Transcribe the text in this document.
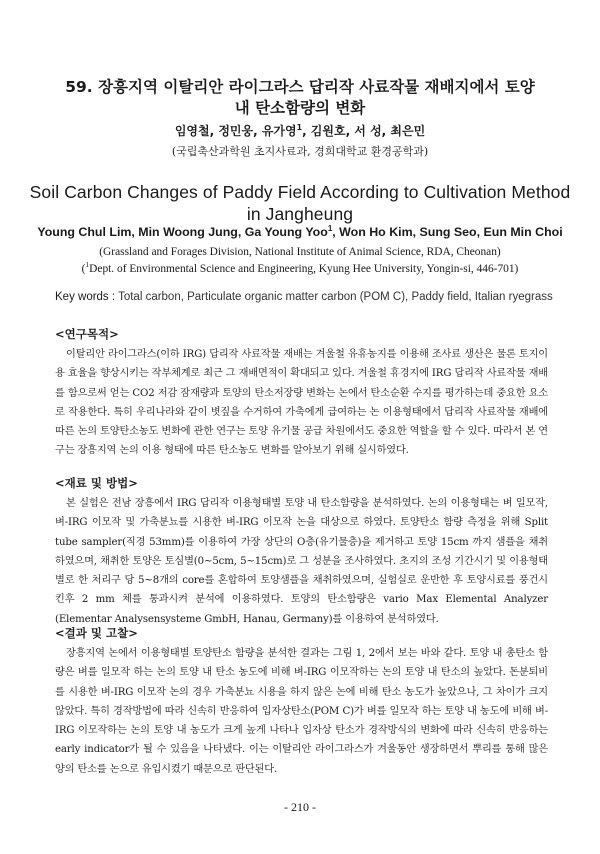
59. 장흥지역 이탈리안 라이그라스 답리작 사료작물 재배지에서 토양
내 탄소함량의 변화
임영철, 정민웅, 유가영$^1$, 김원호, 서 성, 최은민
(국립축산과학원 초지사료과, 경희대학교 환경공학과)
Soil Carbon Changes of Paddy Field According to Cultivation Method
in Jangheung
Young Chul Lim, Min Woong Jung, Ga Young Yoo$^1$, Won Ho Kim, Sung Seo, Eun Min Choi
(Grassland and Forages Division, National Institute of Animal Science, RDA, Cheonan)
($^1$Dept. of Environmental Science and Engineering, Kyung Hee University, Yongin-si, 446-701)
Key words : Total carbon, Particulate organic matter carbon (POM C), Paddy field, Italian ryegrass
<연구목적>
이탈리안 라이그라스(이하 IRG) 답리작 사료작물 재배는 겨울철 유휴농지를 이용해 조사료 생산은 물론 토지이용 효율을 향상시키는 작부체계로 최근 그 재배면적이 확대되고 있다. 겨울철 휴경지에 IRG 답리작 사료작물 재배를 함으로써 얻는 CO2 저감 잠재량과 토양의 탄소저장량 변화는 논에서 탄소순환 수지를 평가하는데 중요한 요소로 작용한다. 특히 우리나라와 같이 볏짚을 수거하여 가축에게 급여하는 논 이용형태에서 답리작 사료작물 재배에 따른 논의 토양탄소농도 변화에 관한 연구는 토양 유기물 공급 차원에서도 중요한 역할을 할 수 있다. 따라서 본 연구는 장흥지역 논의 이용 형태에 따른 탄소농도 변화를 알아보기 위해 실시하였다.
<재료 및 방법>
본 실험은 전남 장흥에서 IRG 답리작 이용형태별 토양 내 탄소함량을 분석하였다. 논의 이용형태는 벼 일모작, 벼-IRG 이모작 및 가축분뇨를 시용한 벼-IRG 이모작 논을 대상으로 하였다. 토양탄소 함량 측정을 위해 Split tube sampler(직경 53mm)를 이용하여 가장 상단의 O층(유기물층)을 제거하고 토양 15cm 까지 샘플을 채취하였으며, 채취한 토양은 토심별(0~5cm, 5~15cm)로 그 성분을 조사하였다. 초지의 조성 기간시기 및 이용형태별로 한 처리구 당 5~8개의 core를 혼합하여 토양샘플을 채취하였으며, 실험실로 운반한 후 토양시료를 풍건시킨후 2 mm 체를 통과시켜 분석에 이용하였다. 토양의 탄소함량은 vario Max Elemental Analyzer (Elementar Analysensysteme GmbH, Hanau, Germany)를 이용하여 분석하였다.
<결과 및 고찰>
장흥지역 논에서 이용형태별 토양탄소 함량을 분석한 결과는 그림 1, 2에서 보는 바와 같다. 토양 내 총탄소 함량은 벼를 일모작 하는 논의 토양 내 탄소 농도에 비해 벼-IRG 이모작하는 논의 토양 내 탄소의 높았다. 돈분퇴비를 시용한 벼-IRG 이모작 논의 경우 가축분뇨 시용을 하지 않은 논에 비해 탄소 농도가 높았으나, 그 차이가 크지 않았다. 특히 경작방법에 따라 신속히 반응하여 입자상탄소(POM C)가 벼를 일모작 하는 토양 내 농도에 비해 벼-IRG 이모작하는 논의 토양 내 농도가 크게 높게 나타나 입자상 탄소가 경작방식의 변화에 따라 신속히 반응하는 early indicator가 될 수 있음을 나타냈다. 이는 이탈리안 라이그라스가 겨울동안 생장하면서 뿌리를 통해 많은 양의 탄소를 논으로 유입시켰기 때문으로 판단된다.
- 210 -
